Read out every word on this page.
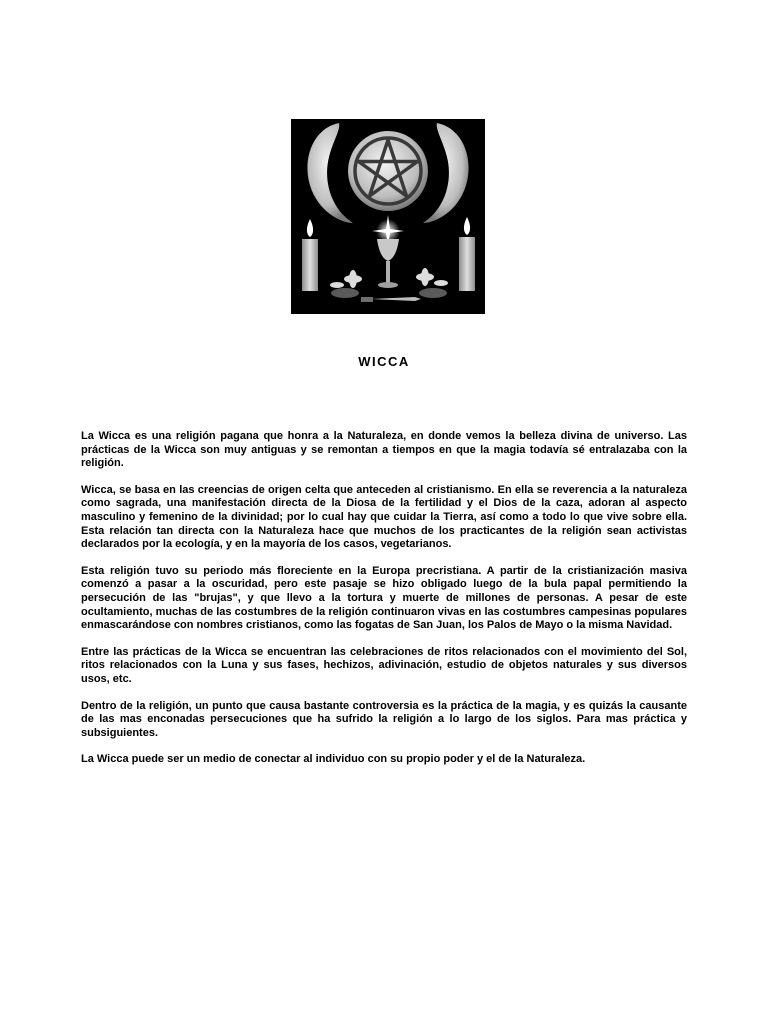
WICCA

La Wicca es una religión pagana que honra a la Naturaleza, en donde vemos la belleza divina de universo. Las prácticas de la Wicca son muy antiguas y se remontan a tiempos en que la magia todavía sé entralazaba con la religión.

Wicca, se basa en las creencias de origen celta que anteceden al cristianismo. En ella se reverencia a la naturaleza como sagrada, una manifestación directa de la Diosa de la fertilidad y el Dios de la caza, adoran al aspecto masculino y femenino de la divinidad; por lo cual hay que cuidar la Tierra, así como a todo lo que vive sobre ella. Esta relación tan directa con la Naturaleza hace que muchos de los practicantes de la religión sean activistas declarados por la ecología, y en la mayoría de los casos, vegetarianos.

Esta religión tuvo su periodo más floreciente en la Europa precristiana. A partir de la cristianización masiva comenzó a pasar a la oscuridad, pero este pasaje se hizo obligado luego de la bula papal permitiendo la persecución de las "brujas", y que llevo a la tortura y muerte de millones de personas. A pesar de este ocultamiento, muchas de las costumbres de la religión continuaron vivas en las costumbres campesinas populares enmascarándose con nombres cristianos, como las fogatas de San Juan, los Palos de Mayo o la misma Navidad.

Entre las prácticas de la Wicca se encuentran las celebraciones de ritos relacionados con el movimiento del Sol, ritos relacionados con la Luna y sus fases, hechizos, adivinación, estudio de objetos naturales y sus diversos usos, etc.

Dentro de la religión, un punto que causa bastante controversia es la práctica de la magia, y es quizás la causante de las mas enconadas persecuciones que ha sufrido la religión a lo largo de los siglos. Para mas práctica y subsiguientes.

La Wicca puede ser un medio de conectar al individuo con su propio poder y el de la Naturaleza.
